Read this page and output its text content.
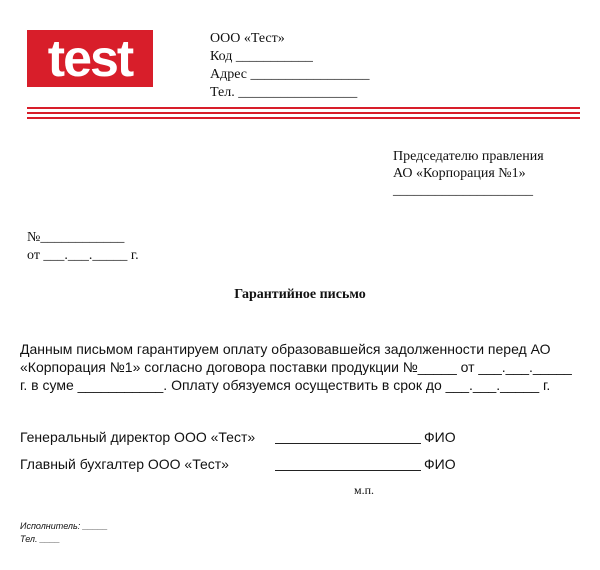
test	ООО «Тест»
Код ___________
Адрес _________________
Тел. _________________
Председателю правления
АО «Корпорация №1»
____________________
№____________
от ___.___._____ г.
Гарантийное письмо
Данным письмом гарантируем оплату образовавшейся задолженности перед АО
«Корпорация №1» согласно договора поставки продукции №_____ от ___.___._____
г. в суме ___________. Оплату обязуемся осуществить в срок до ___.___._____ г.
Генеральный директор ООО «Тест»	ФИО
Главный бухгалтер ООО «Тест»	ФИО
м.п.
Исполнитель: _____
Тел. ____
